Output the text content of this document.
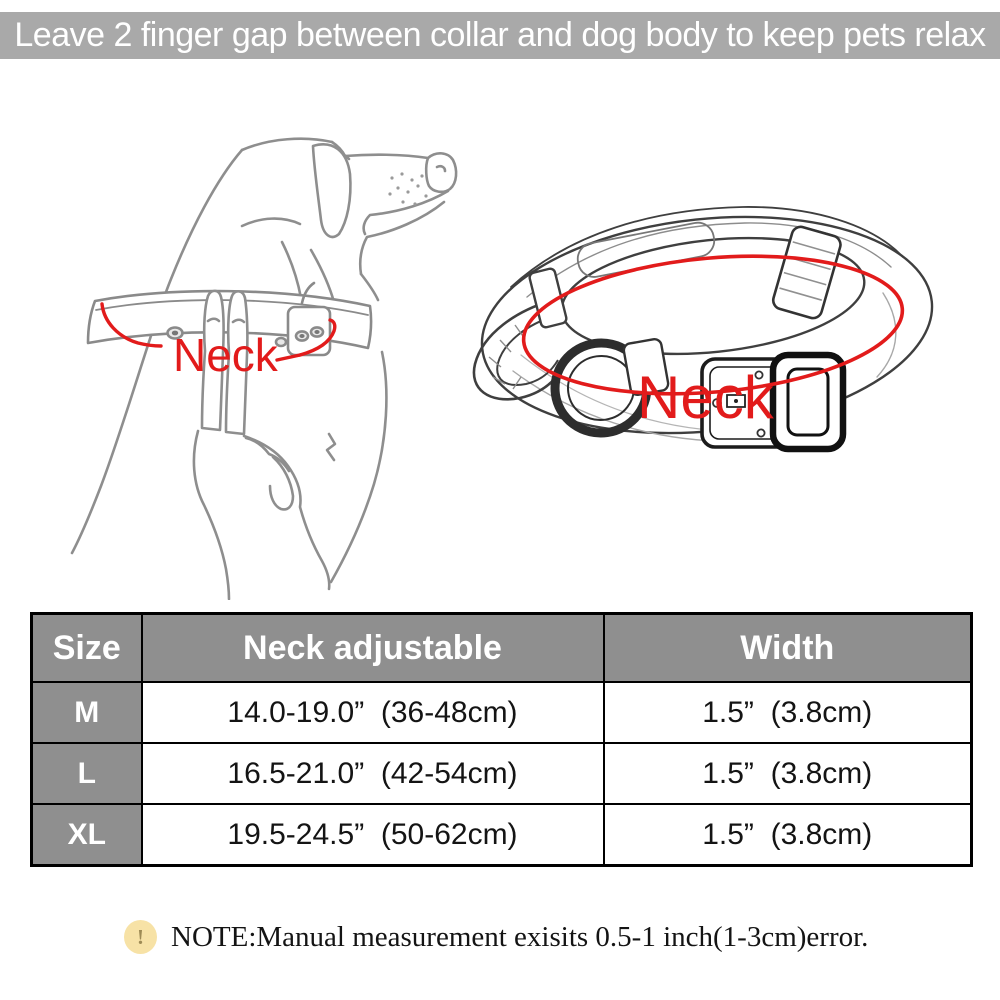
Leave 2 finger gap between collar and dog body to keep pets relax
Neck
Neck
Size	Neck adjustable	Width
M	14.0-19.0”  (36-48cm)	1.5”  (3.8cm)
L	16.5-21.0”  (42-54cm)	1.5”  (3.8cm)
XL	19.5-24.5”  (50-62cm)	1.5”  (3.8cm)
! NOTE:Manual measurement exisits 0.5-1 inch(1-3cm)error.
